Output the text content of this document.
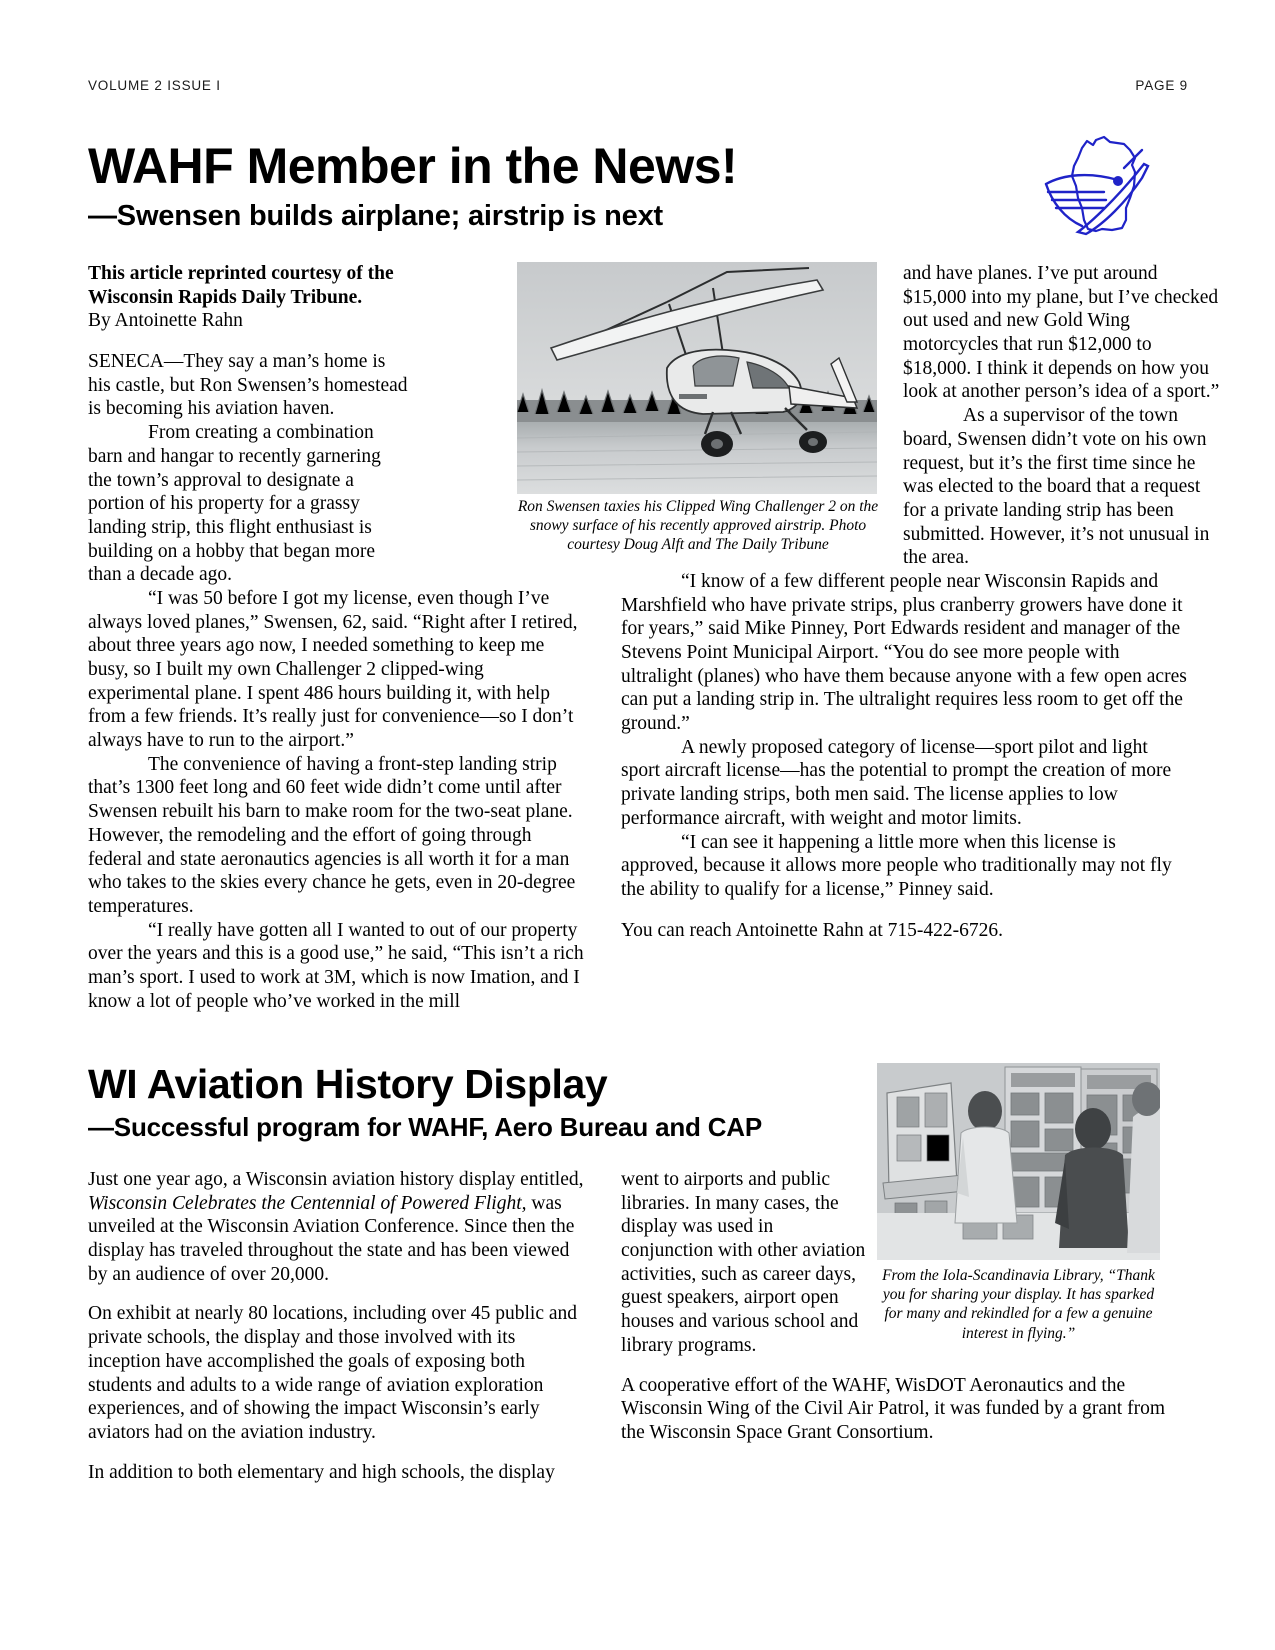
VOLUME 2 ISSUE I	PAGE 9
WAHF Member in the News!
—Swensen builds airplane; airstrip is next
Ron Swensen taxies his Clipped Wing Challenger 2 on the snowy surface of his recently approved airstrip. Photo courtesy Doug Alft and The Daily Tribune

This article reprinted courtesy of the Wisconsin Rapids Daily Tribune.

By Antoinette Rahn

SENECA—They say a man’s home is his castle, but Ron Swensen’s homestead is becoming his aviation haven.

From creating a combination barn and hangar to recently garnering the town’s approval to designate a portion of his property for a grassy landing strip, this flight enthusiast is building on a hobby that began more than a decade ago.

“I was 50 before I got my license, even though I’ve always loved planes,” Swensen, 62, said. “Right after I retired, about three years ago now, I needed something to keep me busy, so I built my own Challenger 2 clipped-wing experimental plane. I spent 486 hours building it, with help from a few friends. It’s really just for convenience—so I don’t always have to run to the airport.”

The convenience of having a front-step landing strip that’s 1300 feet long and 60 feet wide didn’t come until after Swensen rebuilt his barn to make room for the two-seat plane. However, the remodeling and the effort of going through federal and state aeronautics agencies is all worth it for a man who takes to the skies every chance he gets, even in 20-degree temperatures.

“I really have gotten all I wanted to out of our property over the years and this is a good use,” he said, “This isn’t a rich man’s sport. I used to work at 3M, which is now Imation, and I know a lot of people who’ve worked in the mill

and have planes. I’ve put around $15,000 into my plane, but I’ve checked out used and new Gold Wing motorcycles that run $12,000 to $18,000. I think it depends on how you look at another person’s idea of a sport.”

As a supervisor of the town board, Swensen didn’t vote on his own request, but it’s the first time since he was elected to the board that a request for a private landing strip has been submitted. However, it’s not unusual in the area.

“I know of a few different people near Wisconsin Rapids and Marshfield who have private strips, plus cranberry growers have done it for years,” said Mike Pinney, Port Edwards resident and manager of the Stevens Point Municipal Airport. “You do see more people with ultralight (planes) who have them because anyone with a few open acres can put a landing strip in. The ultralight requires less room to get off the ground.”

A newly proposed category of license—sport pilot and light sport aircraft license—has the potential to prompt the creation of more private landing strips, both men said. The license applies to low performance aircraft, with weight and motor limits.

“I can see it happening a little more when this license is approved, because it allows more people who traditionally may not fly the ability to qualify for a license,” Pinney said.

You can reach Antoinette Rahn at 715-422-6726.

WI Aviation History Display
—Successful program for WAHF, Aero Bureau and CAP
From the Iola-Scandinavia Library, “Thank you for sharing your display. It has sparked for many and rekindled for a few a genuine interest in flying.”

Just one year ago, a Wisconsin aviation history display entitled, Wisconsin Celebrates the Centennial of Powered Flight, was unveiled at the Wisconsin Aviation Conference. Since then the display has traveled throughout the state and has been viewed by an audience of over 20,000.

On exhibit at nearly 80 locations, including over 45 public and private schools, the display and those involved with its inception have accomplished the goals of exposing both students and adults to a wide range of aviation exploration experiences, and of showing the impact Wisconsin’s early aviators had on the aviation industry.

In addition to both elementary and high schools, the display

went to airports and public libraries. In many cases, the display was used in conjunction with other aviation activities, such as career days, guest speakers, airport open houses and various school and library programs.

A cooperative effort of the WAHF, WisDOT Aeronautics and the Wisconsin Wing of the Civil Air Patrol, it was funded by a grant from the Wisconsin Space Grant Consortium.
